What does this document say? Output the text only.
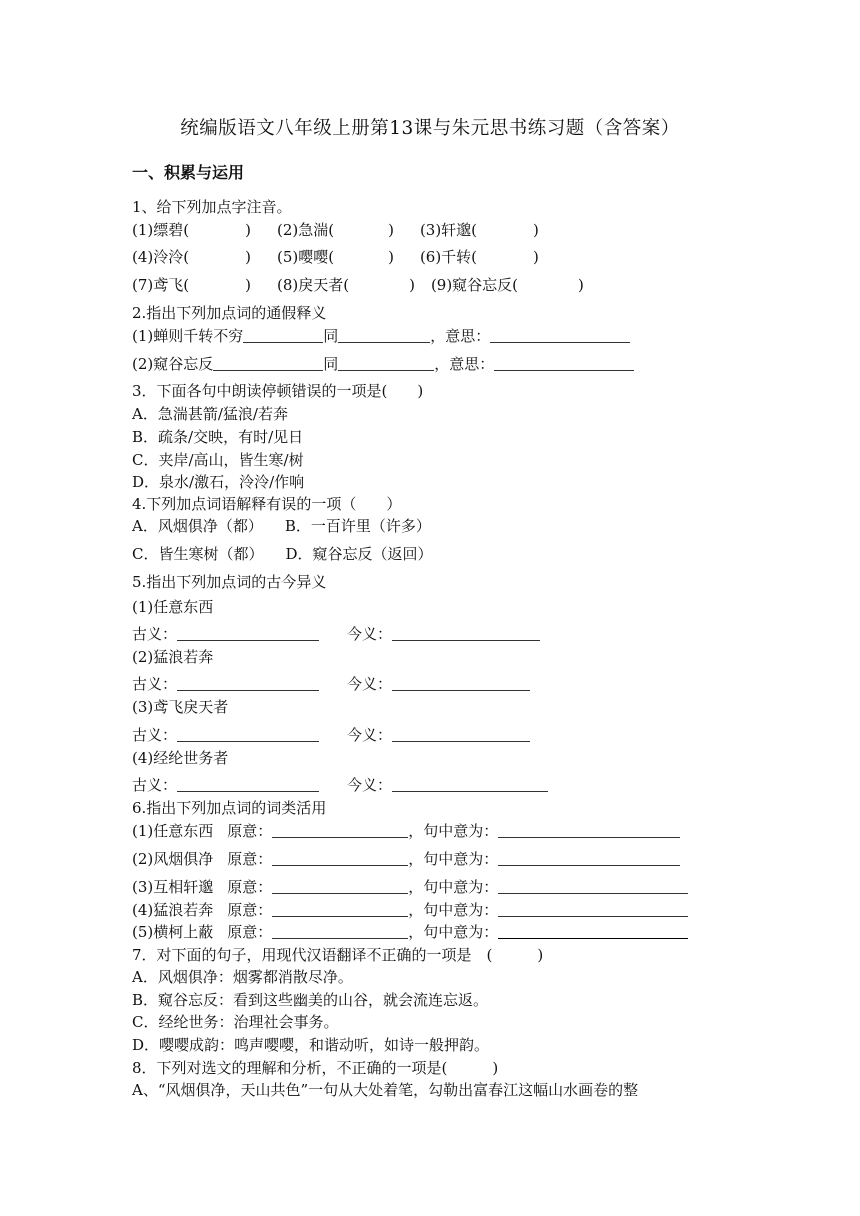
统编版语文八年级上册第13课与朱元思书练习题（含答案）
一、积累与运用
1、给下列加点字注音。
(1)缥碧(	) (2)急湍(	) (3)轩邈(	)
(4)泠泠(	) (5)嘤嘤(	) (6)千转(	)
(7)鸢飞(	) (8)戾天者(	) (9)窥谷忘反(	)
2.指出下列加点词的通假释义
(1)蝉则千转不穷	同	，意思：
(2)窥谷忘反	同	，意思：
3．下面各句中朗读停顿错误的一项是(　　)
A．急湍甚箭/猛浪/若奔
B．疏条/交映，有时/见日
C．夹岸/高山，皆生寒/树
D．泉水/激石，泠泠/作响
4.下列加点词语解释有误的一项（　　）
A．风烟俱净（都） B．一百许里（许多）
C．皆生寒树（都） D．窥谷忘反（返回）
5.指出下列加点词的古今异义
(1)任意东西
古义：	今义：
(2)猛浪若奔
古义：	今义：
(3)鸢飞戾天者
古义：	今义：
(4)经纶世务者
古义：	今义：
6.指出下列加点词的词类活用
(1)任意东西 原意：	，句中意为：
(2)风烟俱净 原意：	，句中意为：
(3)互相轩邈 原意：	，句中意为：
(4)猛浪若奔 原意：	，句中意为：
(5)横柯上蔽 原意：	，句中意为：
7．对下面的句子，用现代汉语翻译不正确的一项是　(　　　)
A．风烟俱净：烟雾都消散尽净。
B．窥谷忘反：看到这些幽美的山谷，就会流连忘返。
C．经纶世务：治理社会事务。
D．嘤嘤成韵：鸣声嘤嘤，和谐动听，如诗一般押韵。
8．下列对选文的理解和分析，不正确的一项是(　　　)
A、“风烟俱净，天山共色”一句从大处着笔，勾勒出富春江这幅山水画卷的整
